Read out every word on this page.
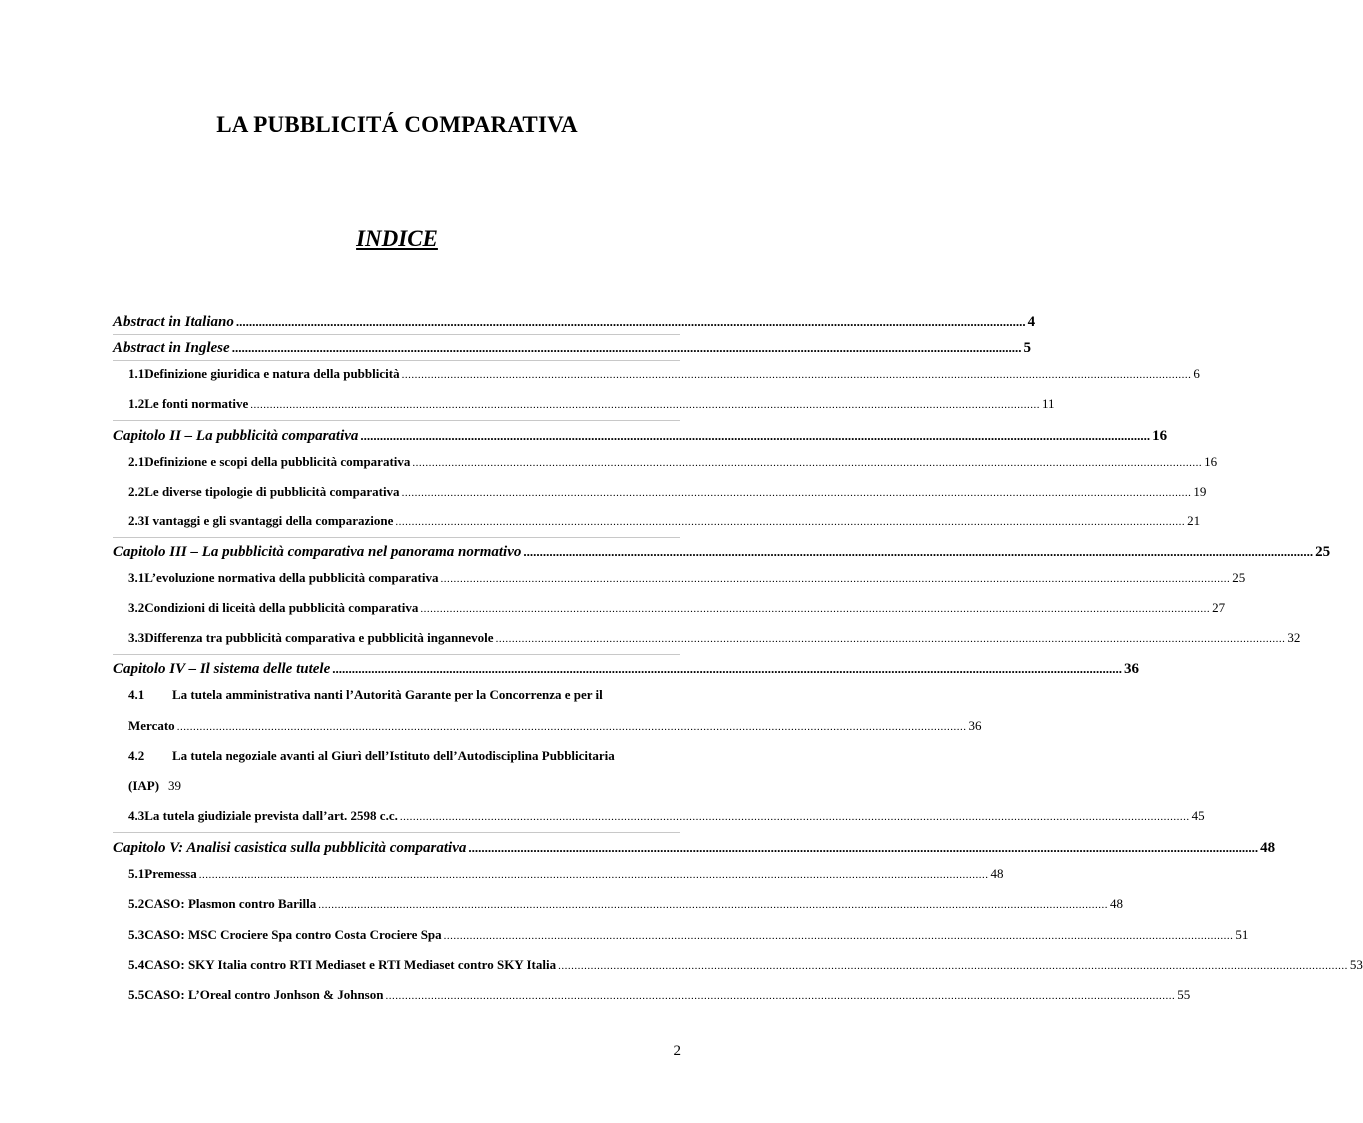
LA PUBBLICITÁ COMPARATIVA
INDICE
Abstract in Italiano .....	4
Abstract in Inglese .....	5
1.1 Definizione giuridica e natura della pubblicità .....	6
1.2 Le fonti normative .....	11
Capitolo II – La pubblicità comparativa .....	16
2.1 Definizione e scopi della pubblicità comparativa .....	16
2.2 Le diverse tipologie di pubblicità comparativa .....	19
2.3 I vantaggi e gli svantaggi della comparazione .....	21
Capitolo III – La pubblicità comparativa nel panorama normativo .....	25
3.1 L’evoluzione normativa della pubblicità comparativa .....	25
3.2 Condizioni di liceità della pubblicità comparativa .....	27
3.3 Differenza tra pubblicità comparativa e pubblicità ingannevole .....	32
Capitolo IV – Il sistema delle tutele .....	36
4.1 La tutela amministrativa nanti l’Autorità Garante per la Concorrenza e per il
Mercato .....	36
4.2 La tutela negoziale avanti al Giurì dell’Istituto dell’Autodisciplina Pubblicitaria
(IAP) 39
4.3 La tutela giudiziale prevista dall’art. 2598 c.c. .....	45
Capitolo V: Analisi casistica sulla pubblicità comparativa .....	48
5.1 Premessa .....	48
5.2 CASO: Plasmon contro Barilla .....	48
5.3 CASO: MSC Crociere Spa contro Costa Crociere Spa .....	51
5.4 CASO: SKY Italia contro RTI Mediaset e RTI Mediaset contro SKY Italia .....	53
5.5 CASO: L’Oreal contro Jonhson & Johnson .....	55
2
